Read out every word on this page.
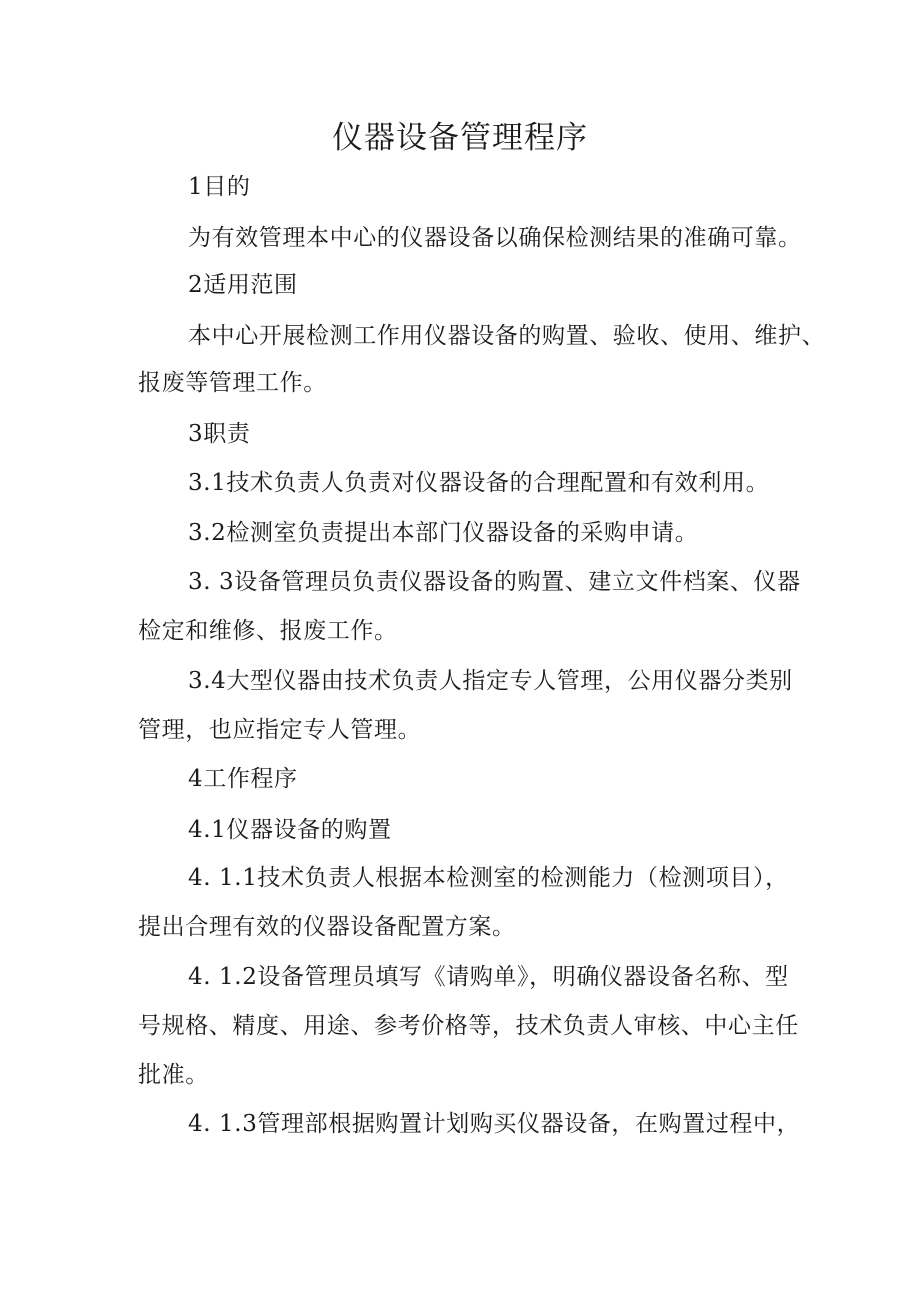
仪器设备管理程序
1目的
为有效管理本中心的仪器设备以确保检测结果的准确可靠。
2适用范围
本中心开展检测工作用仪器设备的购置、验收、使用、维护、
报废等管理工作。
3职责
3.1技术负责人负责对仪器设备的合理配置和有效利用。
3.2检测室负责提出本部门仪器设备的采购申请。
3. 3设备管理员负责仪器设备的购置、建立文件档案、仪器
检定和维修、报废工作。
3.4大型仪器由技术负责人指定专人管理，公用仪器分类别
管理，也应指定专人管理。
4工作程序
4.1仪器设备的购置
4. 1.1技术负责人根据本检测室的检测能力（检测项目），
提出合理有效的仪器设备配置方案。
4. 1.2设备管理员填写《请购单》，明确仪器设备名称、型
号规格、精度、用途、参考价格等，技术负责人审核、中心主任
批准。
4. 1.3管理部根据购置计划购买仪器设备，在购置过程中，
